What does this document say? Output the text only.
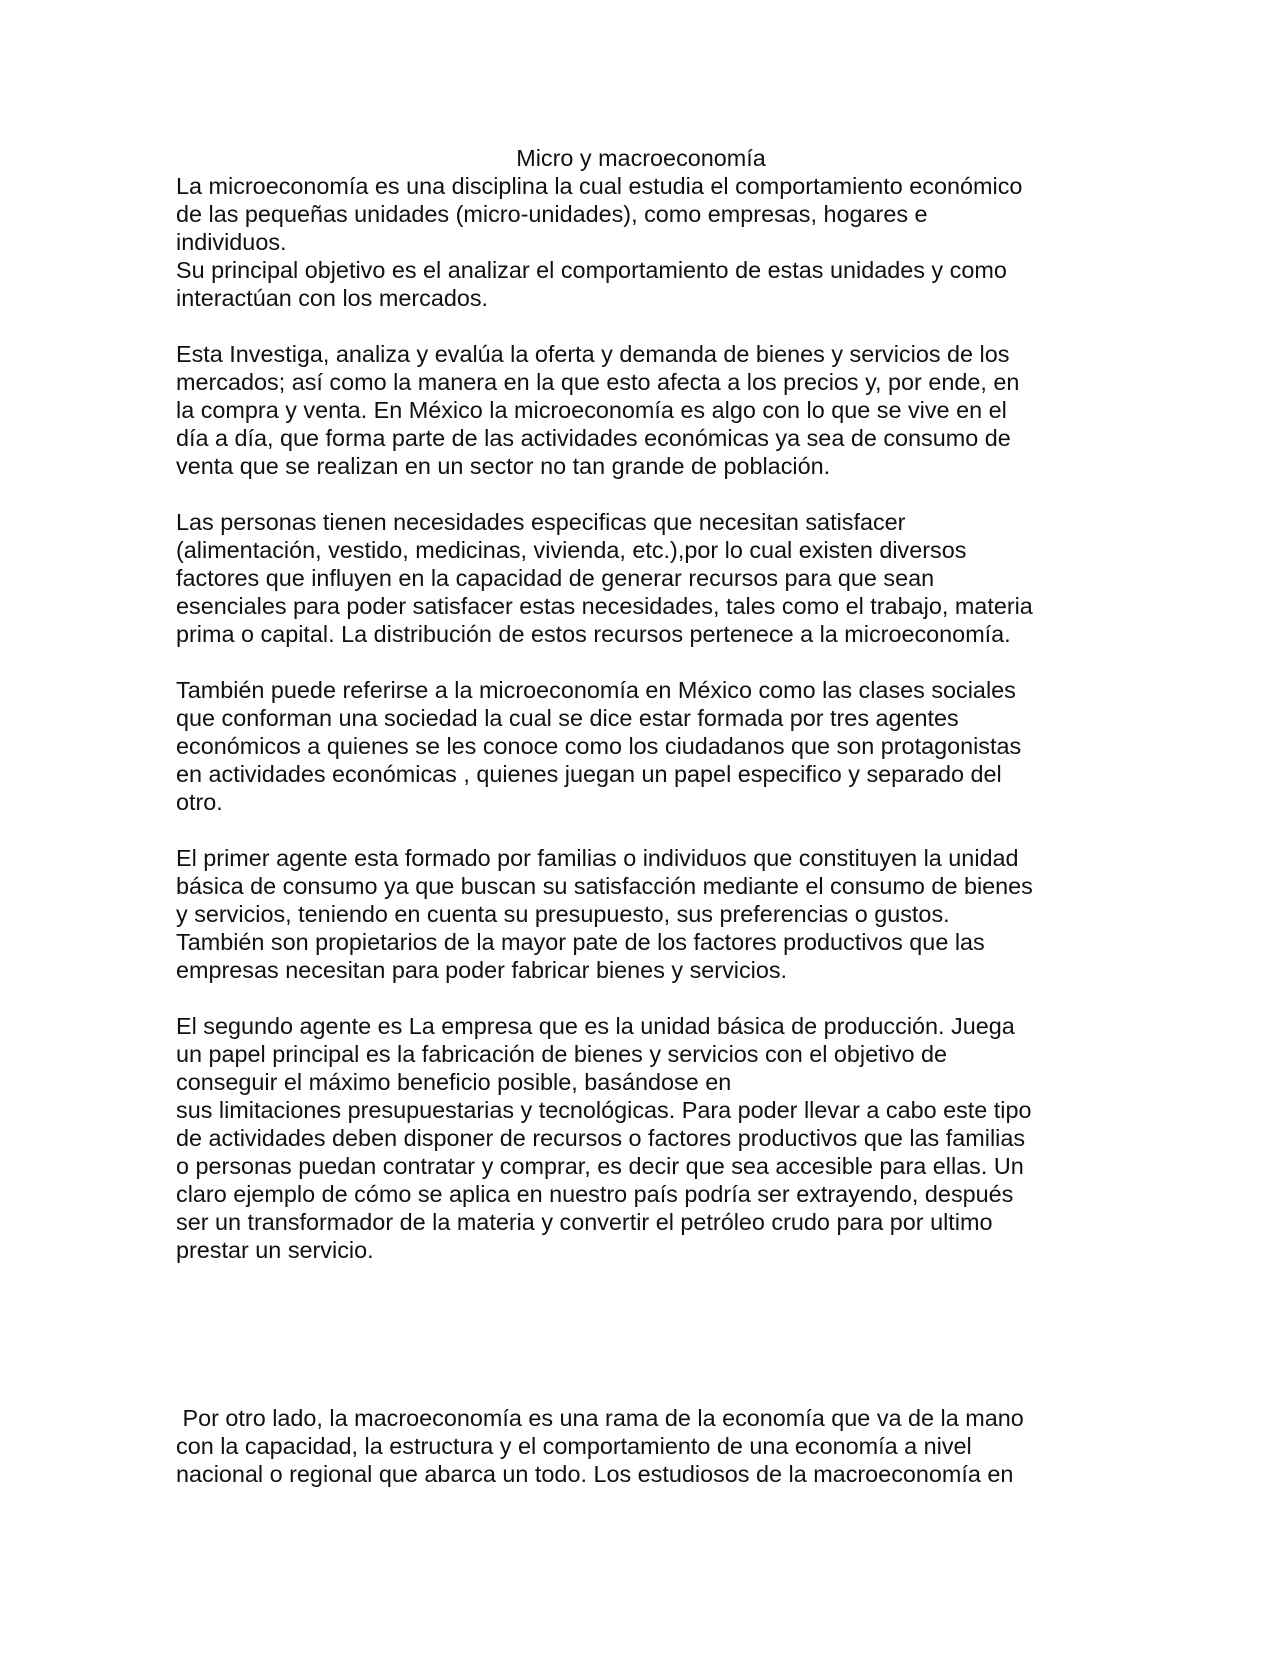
Micro y macroeconomía
La microeconomía es una disciplina la cual estudia el comportamiento económico
de las pequeñas unidades (micro-unidades), como empresas, hogares e
individuos.
Su principal objetivo es el analizar el comportamiento de estas unidades y como
interactúan con los mercados.
Esta Investiga, analiza y evalúa la oferta y demanda de bienes y servicios de los
mercados; así como la manera en la que esto afecta a los precios y, por ende, en
la compra y venta. En México la microeconomía es algo con lo que se vive en el
día a día, que forma parte de las actividades económicas ya sea de consumo de
venta que se realizan en un sector no tan grande de población.
Las personas tienen necesidades especificas que necesitan satisfacer
(alimentación, vestido, medicinas, vivienda, etc.),por lo cual existen diversos
factores que influyen en la capacidad de generar recursos para que sean
esenciales para poder satisfacer estas necesidades, tales como el trabajo, materia
prima o capital. La distribución de estos recursos pertenece a la microeconomía.
También puede referirse a la microeconomía en México como las clases sociales
que conforman una sociedad la cual se dice estar formada por tres agentes
económicos a quienes se les conoce como los ciudadanos que son protagonistas
en actividades económicas , quienes juegan un papel especifico y separado del
otro.
El primer agente esta formado por familias o individuos que constituyen la unidad
básica de consumo ya que buscan su satisfacción mediante el consumo de bienes
y servicios, teniendo en cuenta su presupuesto, sus preferencias o gustos.
También son propietarios de la mayor pate de los factores productivos que las
empresas necesitan para poder fabricar bienes y servicios.
El segundo agente es La empresa que es la unidad básica de producción. Juega
un papel principal es la fabricación de bienes y servicios con el objetivo de
conseguir el máximo beneficio posible, basándose en
sus limitaciones presupuestarias y tecnológicas. Para poder llevar a cabo este tipo
de actividades deben disponer de recursos o factores productivos que las familias
o personas puedan contratar y comprar, es decir que sea accesible para ellas. Un
claro ejemplo de cómo se aplica en nuestro país podría ser extrayendo, después
ser un transformador de la materia y convertir el petróleo crudo para por ultimo
prestar un servicio.
Por otro lado, la macroeconomía es una rama de la economía que va de la mano
con la capacidad, la estructura y el comportamiento de una economía a nivel
nacional o regional que abarca un todo. Los estudiosos de la macroeconomía en
